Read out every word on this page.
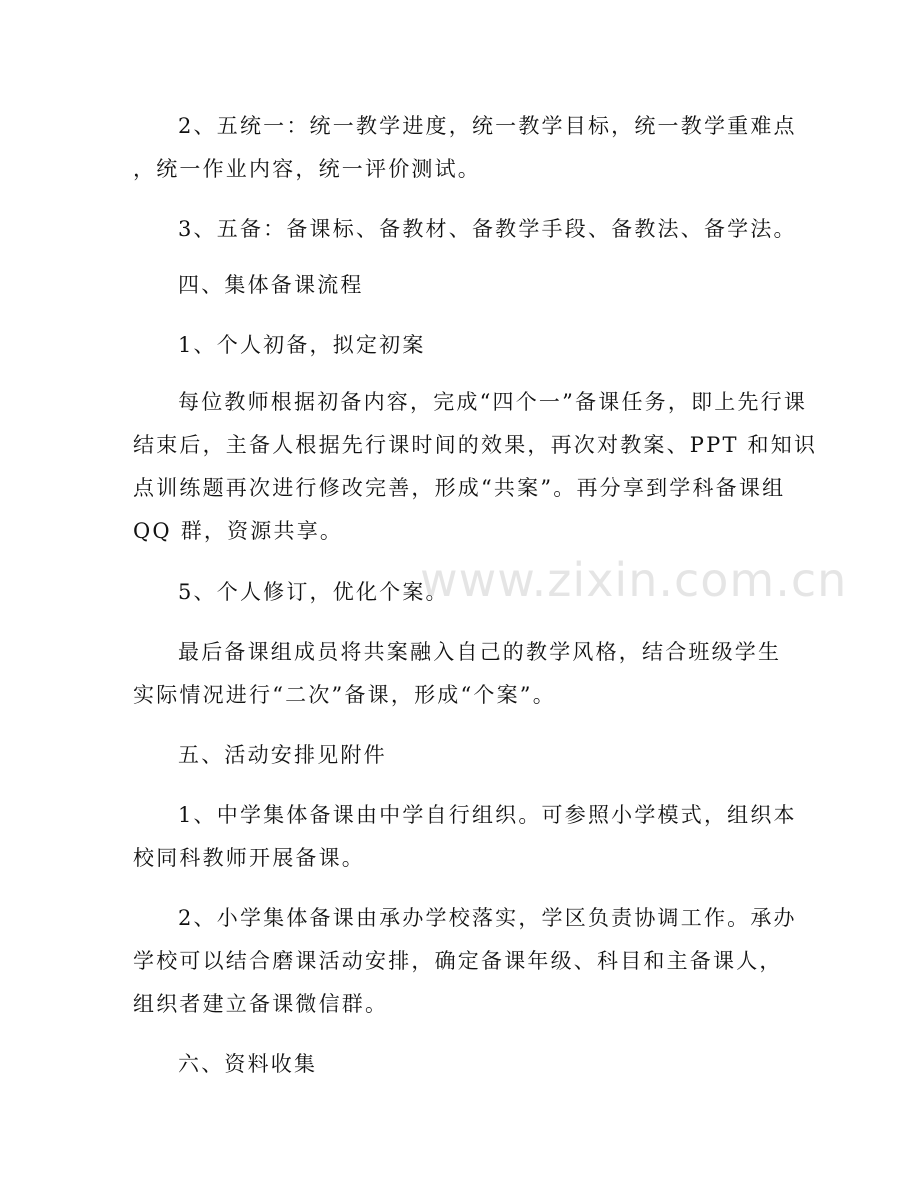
2、五统一：统一教学进度，统一教学目标，统一教学重难点
，统一作业内容，统一评价测试。
3、五备：备课标、备教材、备教学手段、备教法、备学法。
四、集体备课流程
1、个人初备，拟定初案
每位教师根据初备内容，完成“四个一”备课任务，即上先行课
结束后，主备人根据先行课时间的效果，再次对教案、PPT 和知识
点训练题再次进行修改完善，形成“共案”。再分享到学科备课组
QQ 群，资源共享。
5、个人修订，优化个案。
最后备课组成员将共案融入自己的教学风格，结合班级学生
实际情况进行“二次”备课，形成“个案”。
五、活动安排见附件
1、中学集体备课由中学自行组织。可参照小学模式，组织本
校同科教师开展备课。
2、小学集体备课由承办学校落实，学区负责协调工作。承办
学校可以结合磨课活动安排，确定备课年级、科目和主备课人，
组织者建立备课微信群。
六、资料收集
www.zixin.com.cn
